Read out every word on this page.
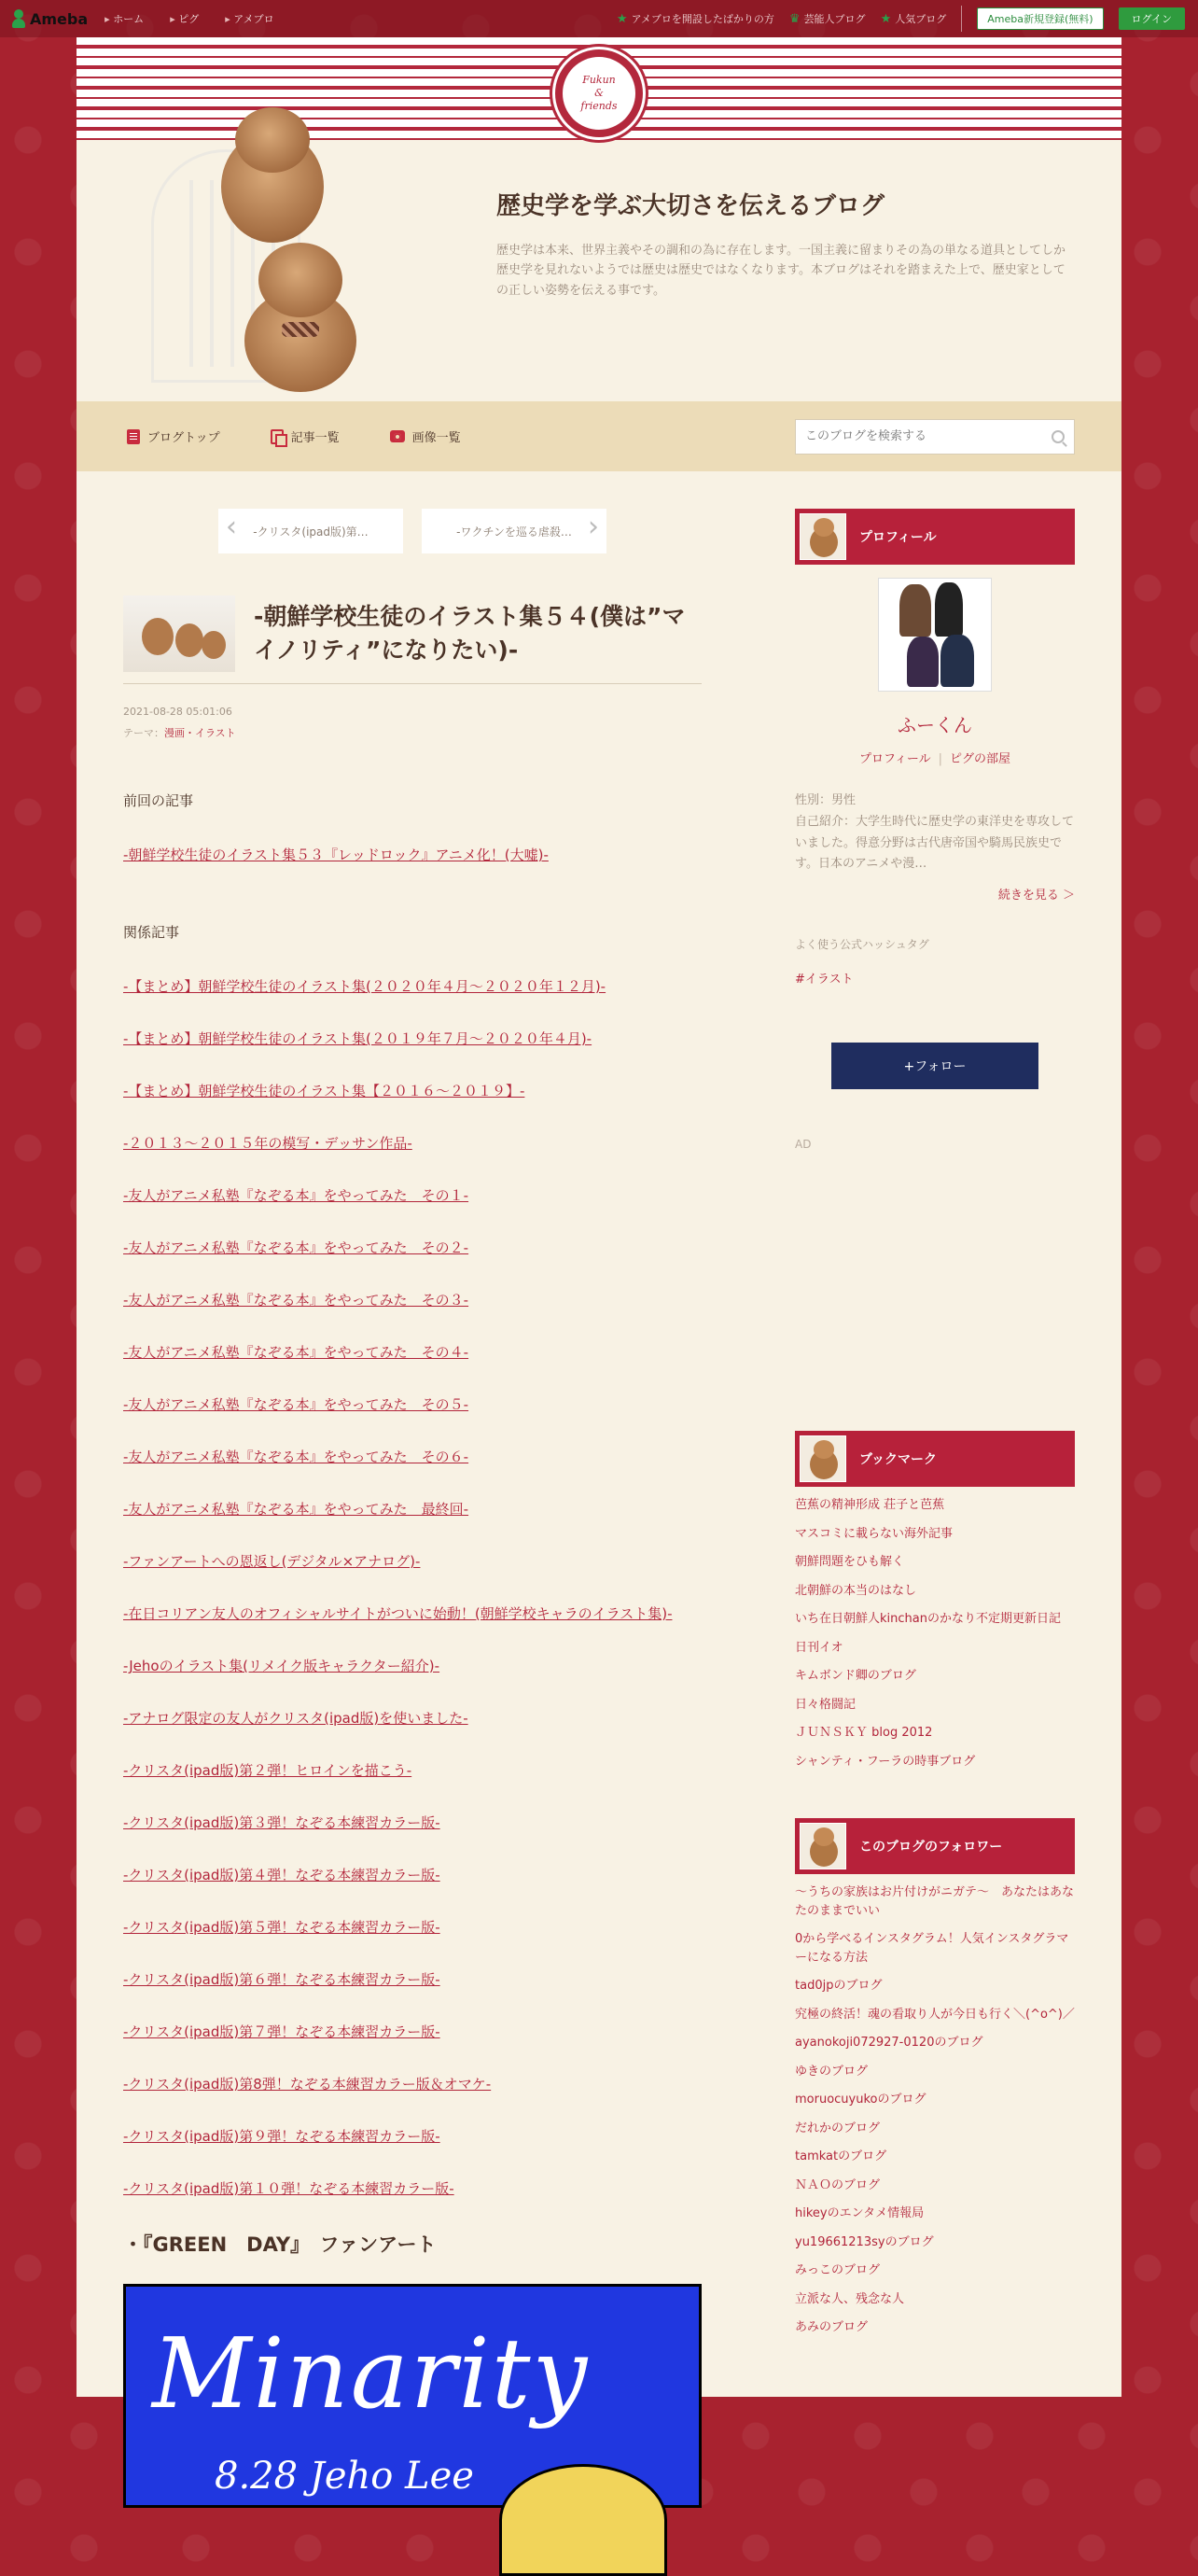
Ameba	▸ ホーム	▸ ピグ	▸ アメブロ	★ アメブロを開設したばかりの方 ♛ 芸能人ブログ ★ 人気ブログ	Ameba新規登録(無料)	ログイン
Fukun
&
friends
歴史学を学ぶ大切さを伝えるブログ
歴史学は本来、世界主義やその調和の為に存在します。一国主義に留まりその為の単なる道具としてしか歴史学を見れないようでは歴史は歴史ではなくなります。本ブログはそれを踏まえた上で、歴史家としての正しい姿勢を伝える事です。
ブログトップ	記事一覧	画像一覧
このブログを検索する
‹ -クリスタ(ipad版)第…	-ワクチンを巡る虐殺… ›
-朝鮮学校生徒のイラスト集５４(僕は”マイノリティ”になりたい)-
2021-08-28 05:01:06
テーマ：漫画・イラスト
前回の記事
-朝鮮学校生徒のイラスト集５３『レッドロック』アニメ化！(大嘘)-
関係記事
-【まとめ】朝鮮学校生徒のイラスト集(２０２０年４月～２０２０年１２月)-
-【まとめ】朝鮮学校生徒のイラスト集(２０１９年７月～２０２０年４月)-
-【まとめ】朝鮮学校生徒のイラスト集【２０１６～２０１９】-
-２０１３～２０１５年の模写・デッサン作品-
-友人がアニメ私塾『なぞる本』をやってみた　その１-
-友人がアニメ私塾『なぞる本』をやってみた　その２-
-友人がアニメ私塾『なぞる本』をやってみた　その３-
-友人がアニメ私塾『なぞる本』をやってみた　その４-
-友人がアニメ私塾『なぞる本』をやってみた　その５-
-友人がアニメ私塾『なぞる本』をやってみた　その６-
-友人がアニメ私塾『なぞる本』をやってみた　最終回-
-ファンアートへの恩返し(デジタル×アナログ)-
-在日コリアン友人のオフィシャルサイトがついに始動！(朝鮮学校キャラのイラスト集)-
-Jehoのイラスト集(リメイク版キャラクター紹介)-
-アナログ限定の友人がクリスタ(ipad版)を使いました-
-クリスタ(ipad版)第２弾！ヒロインを描こう-
-クリスタ(ipad版)第３弾！なぞる本練習カラー版-
-クリスタ(ipad版)第４弾！なぞる本練習カラー版-
-クリスタ(ipad版)第５弾！なぞる本練習カラー版-
-クリスタ(ipad版)第６弾！なぞる本練習カラー版-
-クリスタ(ipad版)第７弾！なぞる本練習カラー版-
-クリスタ(ipad版)第8弾！なぞる本練習カラー版＆オマケ-
-クリスタ(ipad版)第９弾！なぞる本練習カラー版-
-クリスタ(ipad版)第１０弾！なぞる本練習カラー版-
・『GREEN　DAY』　ファンアート
Minarity
8.28 Jeho Lee
プロフィール
ふーくん
プロフィール | ピグの部屋
性別：男性
自己紹介：大学生時代に歴史学の東洋史を専攻していました。得意分野は古代唐帝国や騎馬民族史です。日本のアニメや漫…
続きを見る ＞
よく使う公式ハッシュタグ
#イラスト
+フォロー
AD
ブックマーク
芭蕉の精神形成 荘子と芭蕉
マスコミに載らない海外記事
朝鮮問題をひも解く
北朝鮮の本当のはなし
いち在日朝鮮人kinchanのかなり不定期更新日記
日刊イオ
キムボンド卿のブログ
日々格闘記
ＪＵＮＳＫＹ blog 2012
シャンティ・フーラの時事ブログ
このブログのフォロワー
～うちの家族はお片付けがニガテ～　あなたはあなたのままでいい
0から学べるインスタグラム！人気インスタグラマーになる方法
tad0jpのブログ
究極の終活！魂の看取り人が今日も行く＼(^o^)／
ayanokoji072927-0120のブログ
ゆきのブログ
moruocuyukoのブログ
だれかのブログ
tamkatのブログ
ＮＡＯのブログ
hikeyのエンタメ情報局
yu19661213syのブログ
みっこのブログ
立派な人、残念な人
あみのブログ
